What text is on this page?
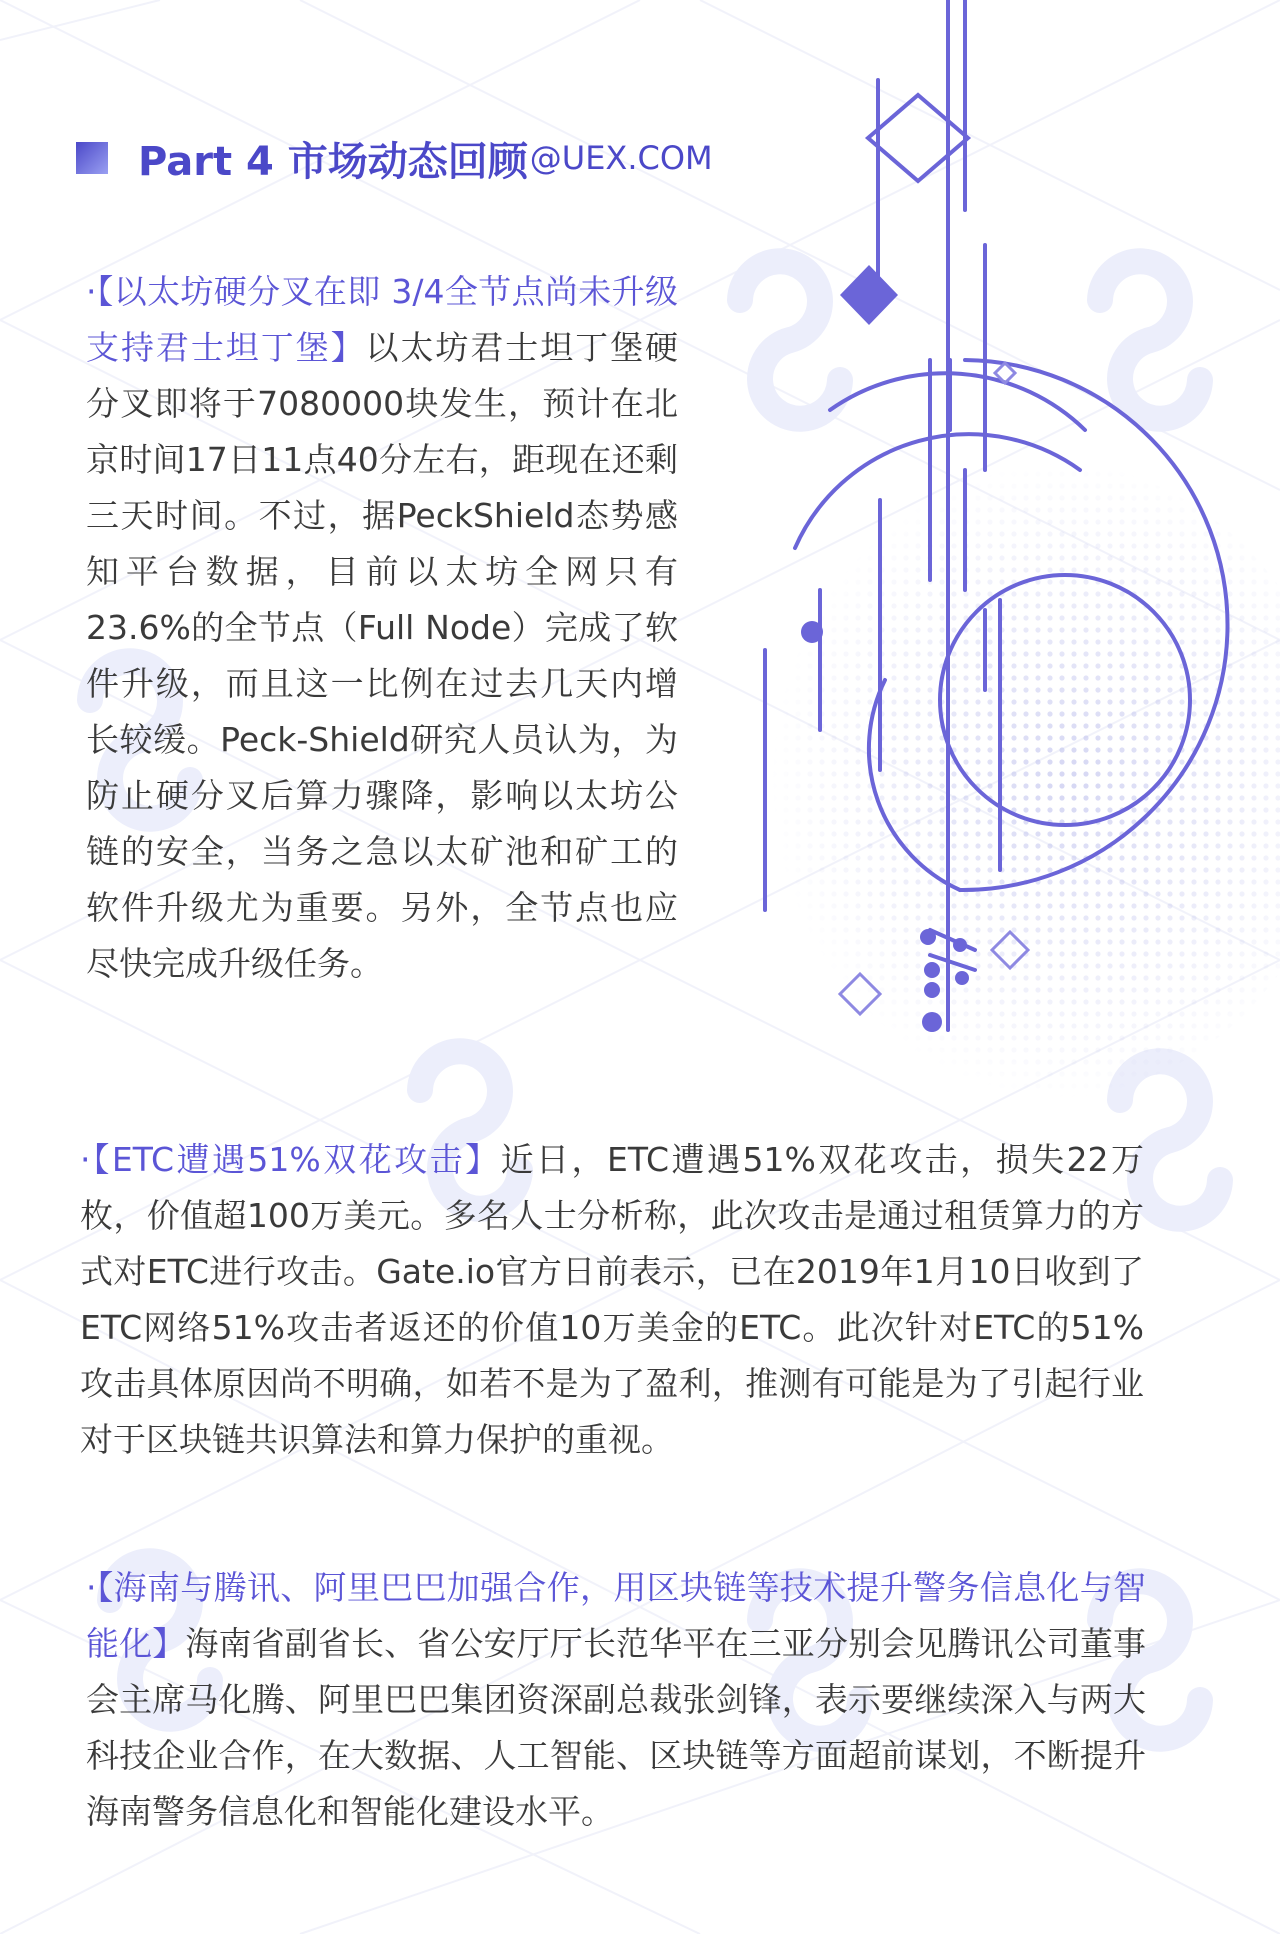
Part 4 市场动态回顾 @UEX.COM
·【以太坊硬分叉在即 3/4全节点尚未升级支持君士坦丁堡】以太坊君士坦丁堡硬分叉即将于7080000块发生，预计在北京时间17日11点40分左右，距现在还剩三天时间。不过，据PeckShield态势感知平台数据，目前以太坊全网只有23.6%的全节点（Full Node）完成了软件升级，而且这一比例在过去几天内增长较缓。Peck-Shield研究人员认为，为防止硬分叉后算力骤降，影响以太坊公链的安全，当务之急以太矿池和矿工的软件升级尤为重要。另外，全节点也应尽快完成升级任务。
·【ETC遭遇51%双花攻击】近日，ETC遭遇51%双花攻击，损失22万枚，价值超100万美元。多名人士分析称，此次攻击是通过租赁算力的方式对ETC进行攻击。Gate.io官方日前表示，已在2019年1月10日收到了ETC网络51%攻击者返还的价值10万美金的ETC。此次针对ETC的51%攻击具体原因尚不明确，如若不是为了盈利，推测有可能是为了引起行业对于区块链共识算法和算力保护的重视。
·【海南与腾讯、阿里巴巴加强合作，用区块链等技术提升警务信息化与智能化】海南省副省长、省公安厅厅长范华平在三亚分别会见腾讯公司董事会主席马化腾、阿里巴巴集团资深副总裁张剑锋，表示要继续深入与两大科技企业合作，在大数据、人工智能、区块链等方面超前谋划，不断提升海南警务信息化和智能化建设水平。
